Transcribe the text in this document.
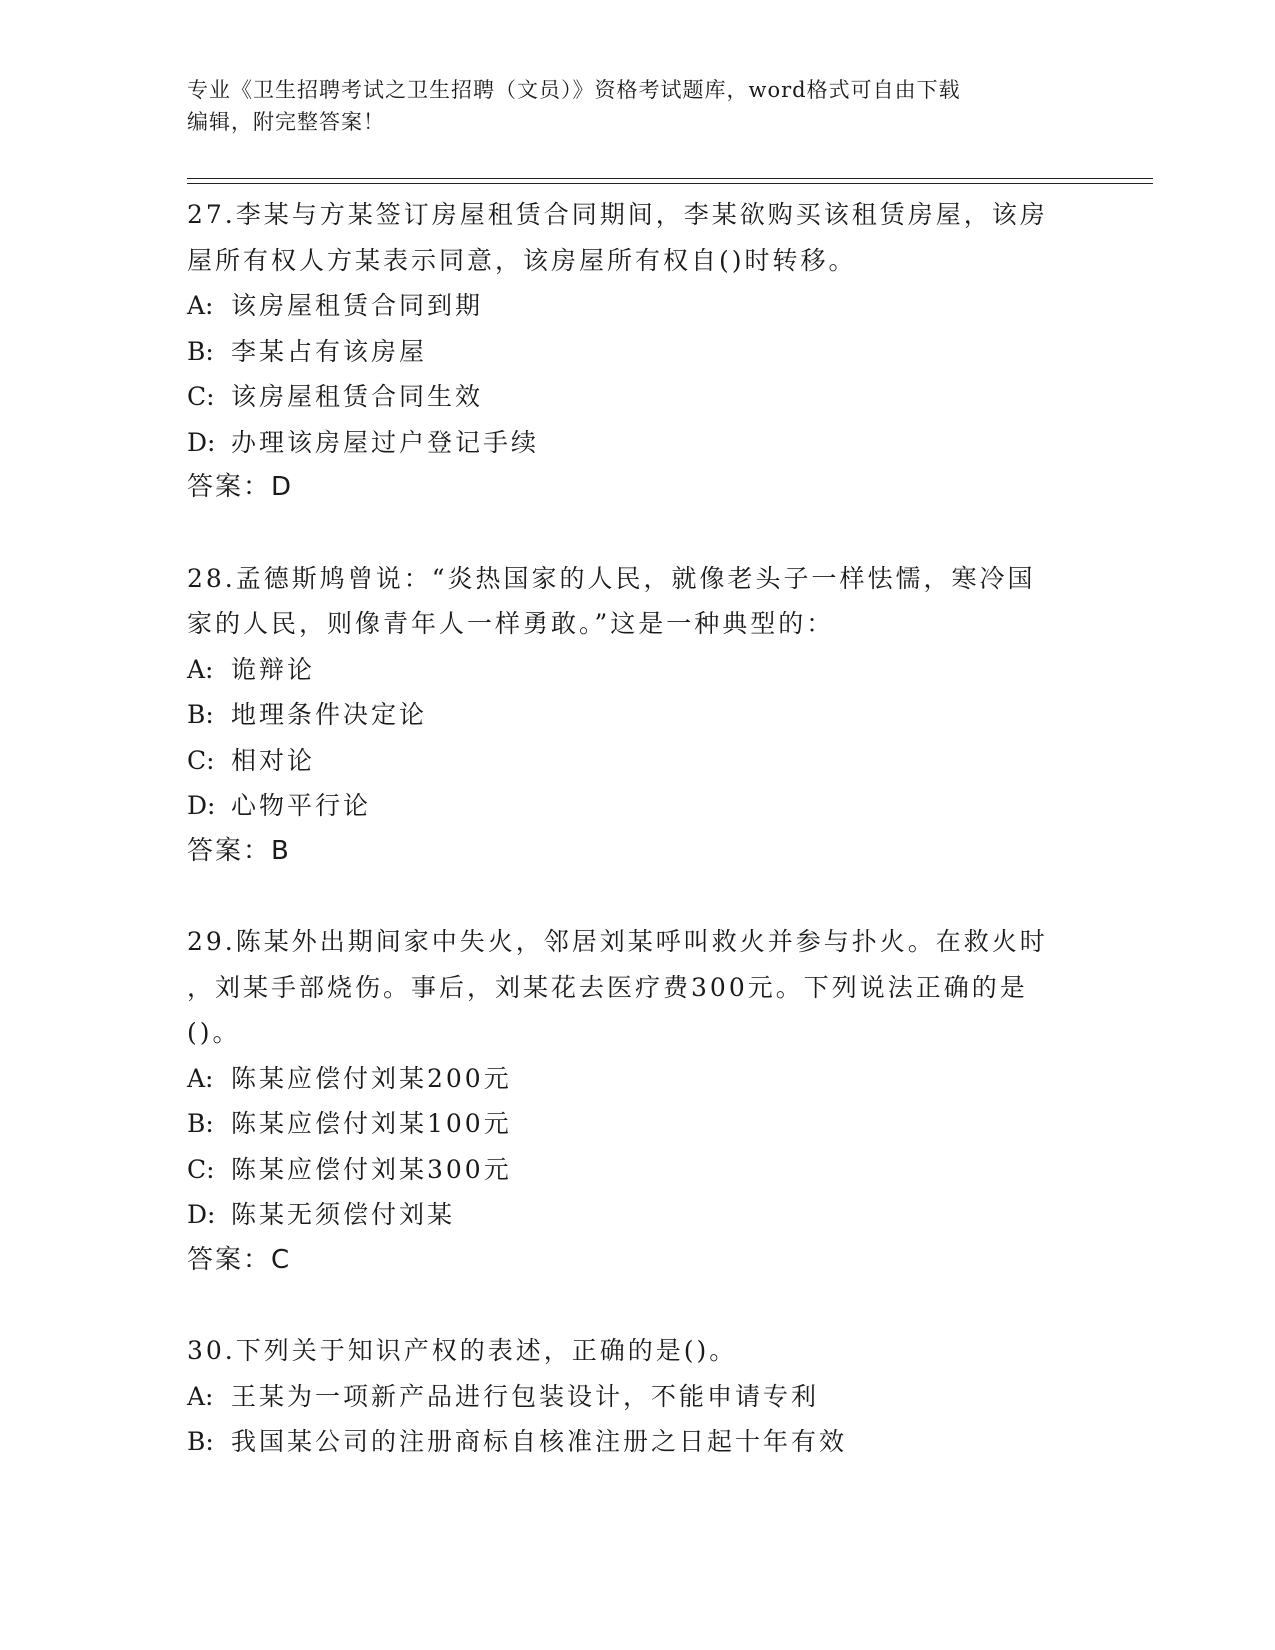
专业《卫生招聘考试之卫生招聘（文员）》资格考试题库，word格式可自由下载
编辑，附完整答案！
27.李某与方某签订房屋租赁合同期间，李某欲购买该租赁房屋，该房
屋所有权人方某表示同意，该房屋所有权自()时转移。
A: 该房屋租赁合同到期
B: 李某占有该房屋
C: 该房屋租赁合同生效
D: 办理该房屋过户登记手续
答案：D
28.孟德斯鸠曾说：“炎热国家的人民，就像老头子一样怯懦，寒冷国
家的人民，则像青年人一样勇敢。”这是一种典型的：
A: 诡辩论
B: 地理条件决定论
C: 相对论
D: 心物平行论
答案：B
29.陈某外出期间家中失火，邻居刘某呼叫救火并参与扑火。在救火时
，刘某手部烧伤。事后，刘某花去医疗费300元。下列说法正确的是
()。
A: 陈某应偿付刘某200元
B: 陈某应偿付刘某100元
C: 陈某应偿付刘某300元
D: 陈某无须偿付刘某
答案：C
30.下列关于知识产权的表述，正确的是()。
A: 王某为一项新产品进行包装设计，不能申请专利
B: 我国某公司的注册商标自核准注册之日起十年有效
